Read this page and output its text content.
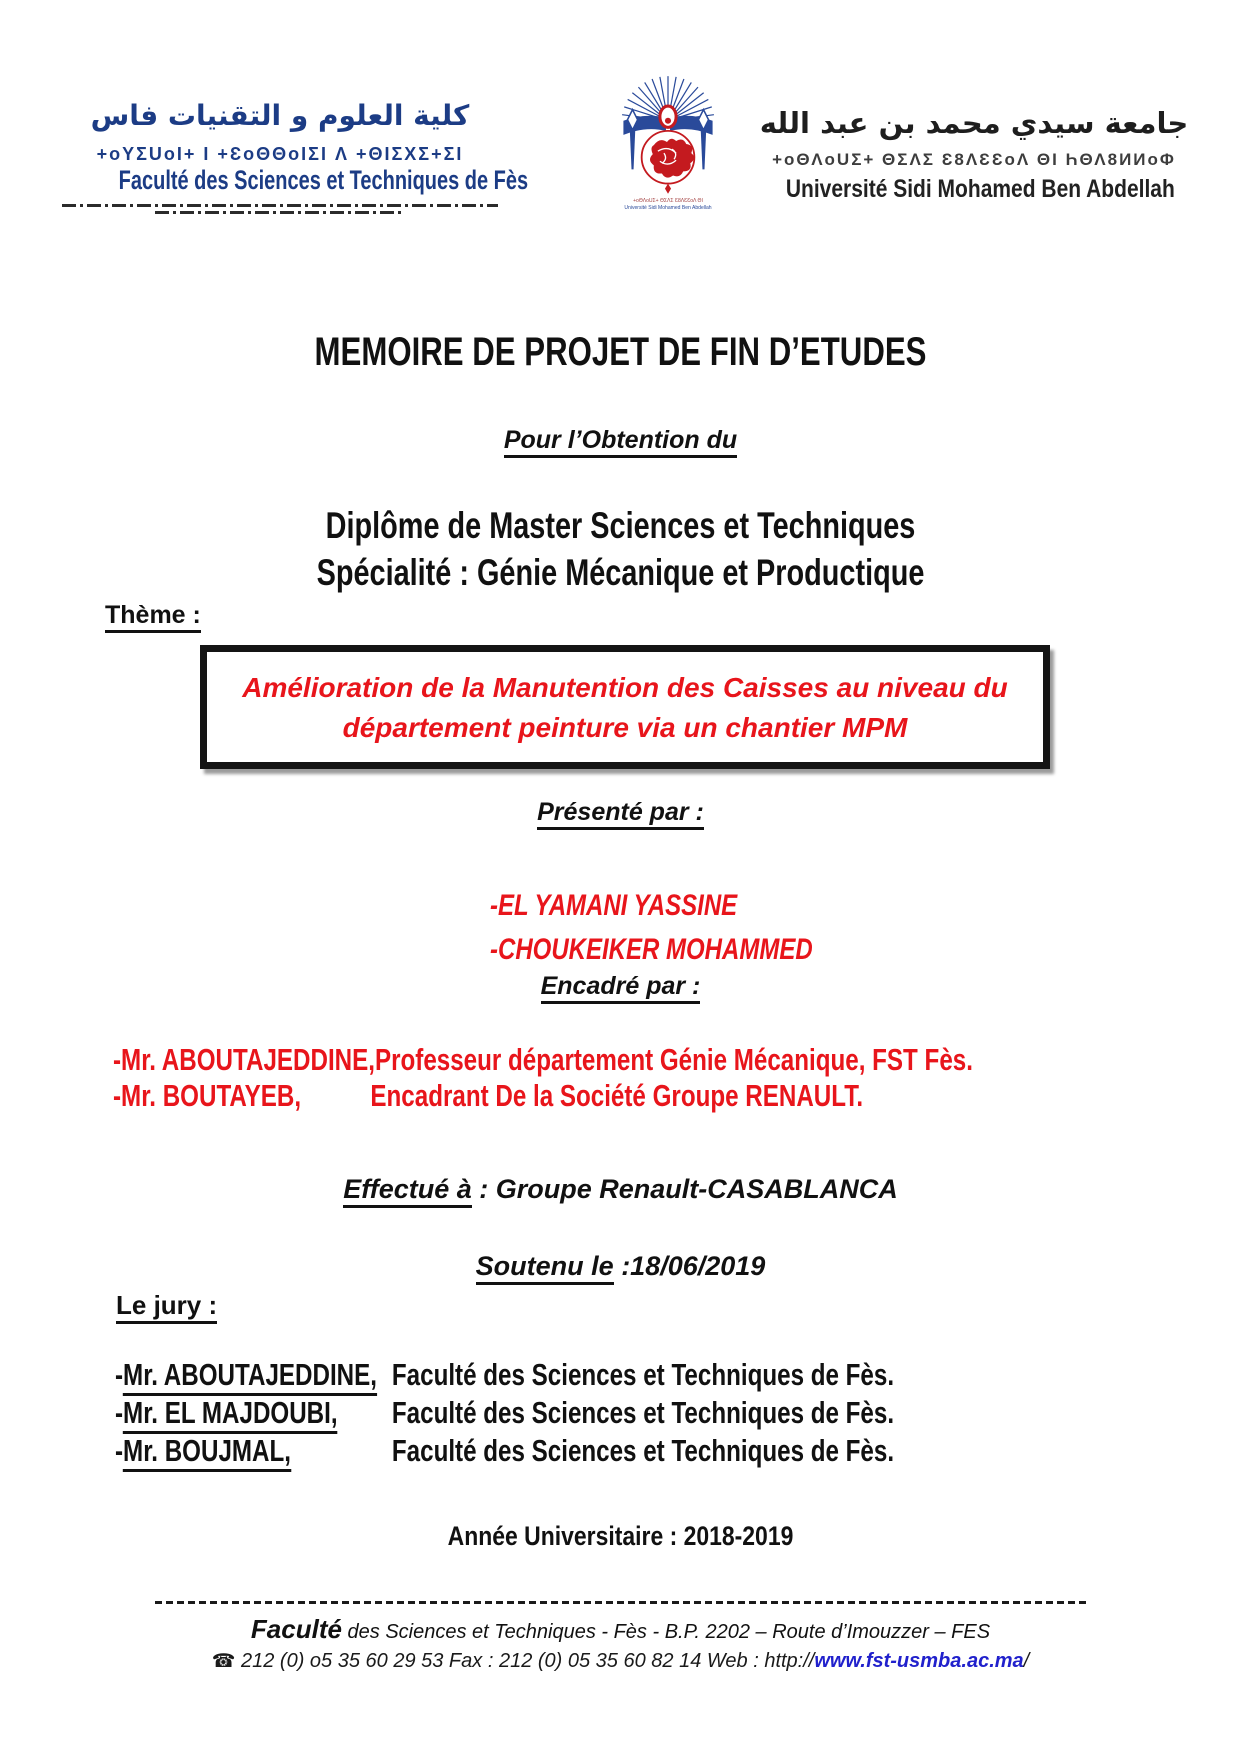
كلية العلوم و التقنيات فاس
+oYΣUoI+ I +ƐoΘΘoIΣI Λ +ΘIΣΧΣ+ΣI
Faculté des Sciences et Techniques de Fès
+oΘΛoUΣ+ ΘΣΛΣ Ɛ8ΛƐƐoΛ ΘI
Université Sidi Mohamed Ben Abdellah
جامعة سيدي محمد بن عبد الله
+oΘΛoUΣ+ ΘΣΛΣ Ɛ8ΛƐƐoΛ ΘI ҺΘΛ8ИИoΦ
Université Sidi Mohamed Ben Abdellah
MEMOIRE DE PROJET DE FIN D’ETUDES
Pour l’Obtention du
Diplôme de Master Sciences et Techniques
Spécialité : Génie Mécanique et Productique
Thème :
Amélioration de la Manutention des Caisses au niveau du
département peinture via un chantier MPM
Présenté par :
-EL YAMANI YASSINE
-CHOUKEIKER MOHAMMED
Encadré par :
-Mr. ABOUTAJEDDINE, Professeur département Génie Mécanique, FST Fès.
-Mr. BOUTAYEB,	Encadrant De la Société Groupe RENAULT.
Effectué à : Groupe Renault-CASABLANCA
Soutenu le :18/06/2019
Le jury :
-Mr. ABOUTAJEDDINE, Faculté des Sciences et Techniques de Fès.
-Mr. EL MAJDOUBI,	Faculté des Sciences et Techniques de Fès.
-Mr. BOUJMAL,	Faculté des Sciences et Techniques de Fès.
Année Universitaire : 2018-2019
Faculté des Sciences et Techniques - Fès - B.P. 2202 – Route d’Imouzzer – FES
☎ 212 (0) o5 35 60 29 53 Fax : 212 (0) 05 35 60 82 14 Web : http://www.fst-usmba.ac.ma/
